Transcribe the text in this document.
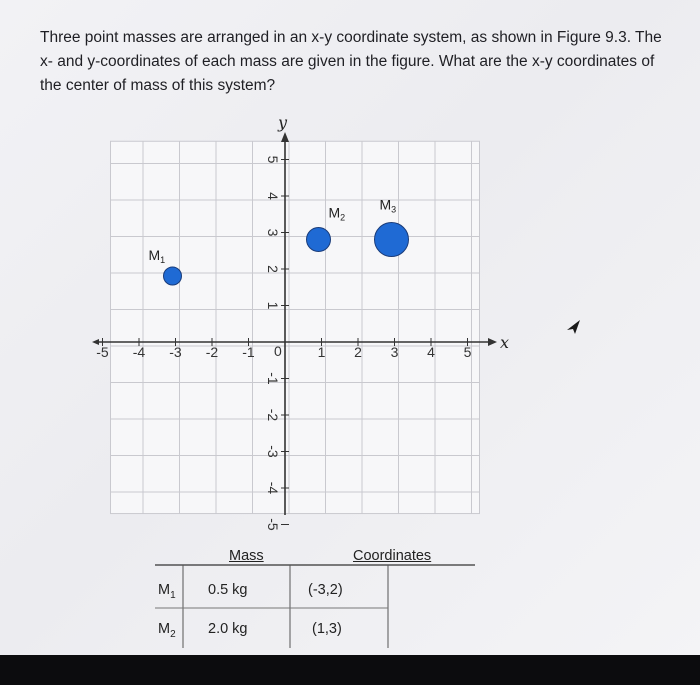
Three point masses are arranged in an x-y coordinate system, as shown in Figure 9.3. The x- and y-coordinates of each mass are given in the figure. What are the x-y coordinates of the center of mass of this system?
x
y
0
-5 -4 -3 -2 -1	1 2 3 4 5
5
4
3
2
1
-1
-2
-3
-4
-5
$M_1$
$M_2$
$M_3$
Mass	Coordinates
$M_1$ 0.5 kg	(-3,2)
$M_2$ 2.0 kg	(1,3)
